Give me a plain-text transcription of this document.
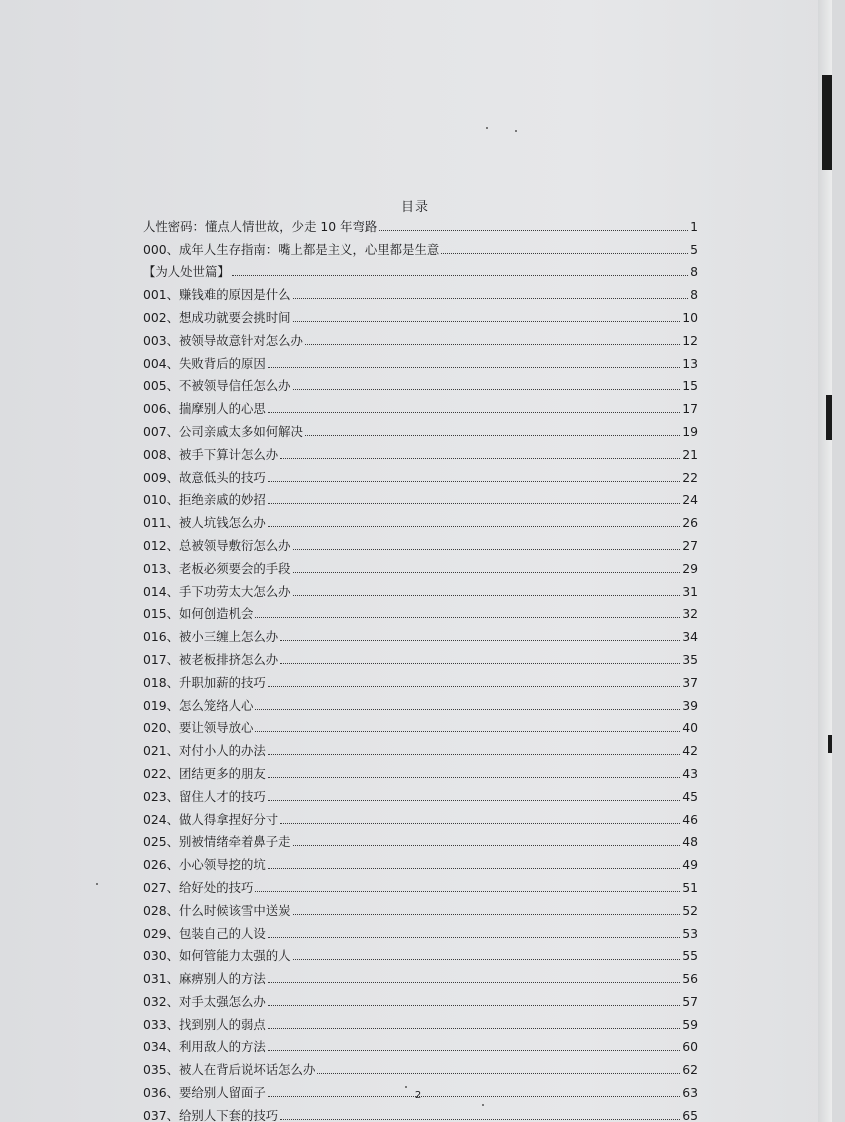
目录
人性密码：懂点人情世故，少走 10 年弯路	1
000、成年人生存指南：嘴上都是主义，心里都是生意	5
【为人处世篇】	8
001、赚钱难的原因是什么	8
002、想成功就要会挑时间	10
003、被领导故意针对怎么办	12
004、失败背后的原因	13
005、不被领导信任怎么办	15
006、揣摩别人的心思	17
007、公司亲戚太多如何解决	19
008、被手下算计怎么办	21
009、故意低头的技巧	22
010、拒绝亲戚的妙招	24
011、被人坑钱怎么办	26
012、总被领导敷衍怎么办	27
013、老板必须要会的手段	29
014、手下功劳太大怎么办	31
015、如何创造机会	32
016、被小三缠上怎么办	34
017、被老板排挤怎么办	35
018、升职加薪的技巧	37
019、怎么笼络人心	39
020、要让领导放心	40
021、对付小人的办法	42
022、团结更多的朋友	43
023、留住人才的技巧	45
024、做人得拿捏好分寸	46
025、别被情绪牵着鼻子走	48
026、小心领导挖的坑	49
027、给好处的技巧	51
028、什么时候该雪中送炭	52
029、包装自己的人设	53
030、如何管能力太强的人	55
031、麻痹别人的方法	56
032、对手太强怎么办	57
033、找到别人的弱点	59
034、利用敌人的方法	60
035、被人在背后说坏话怎么办	62
036、要给别人留面子	63
037、给别人下套的技巧	65
2
